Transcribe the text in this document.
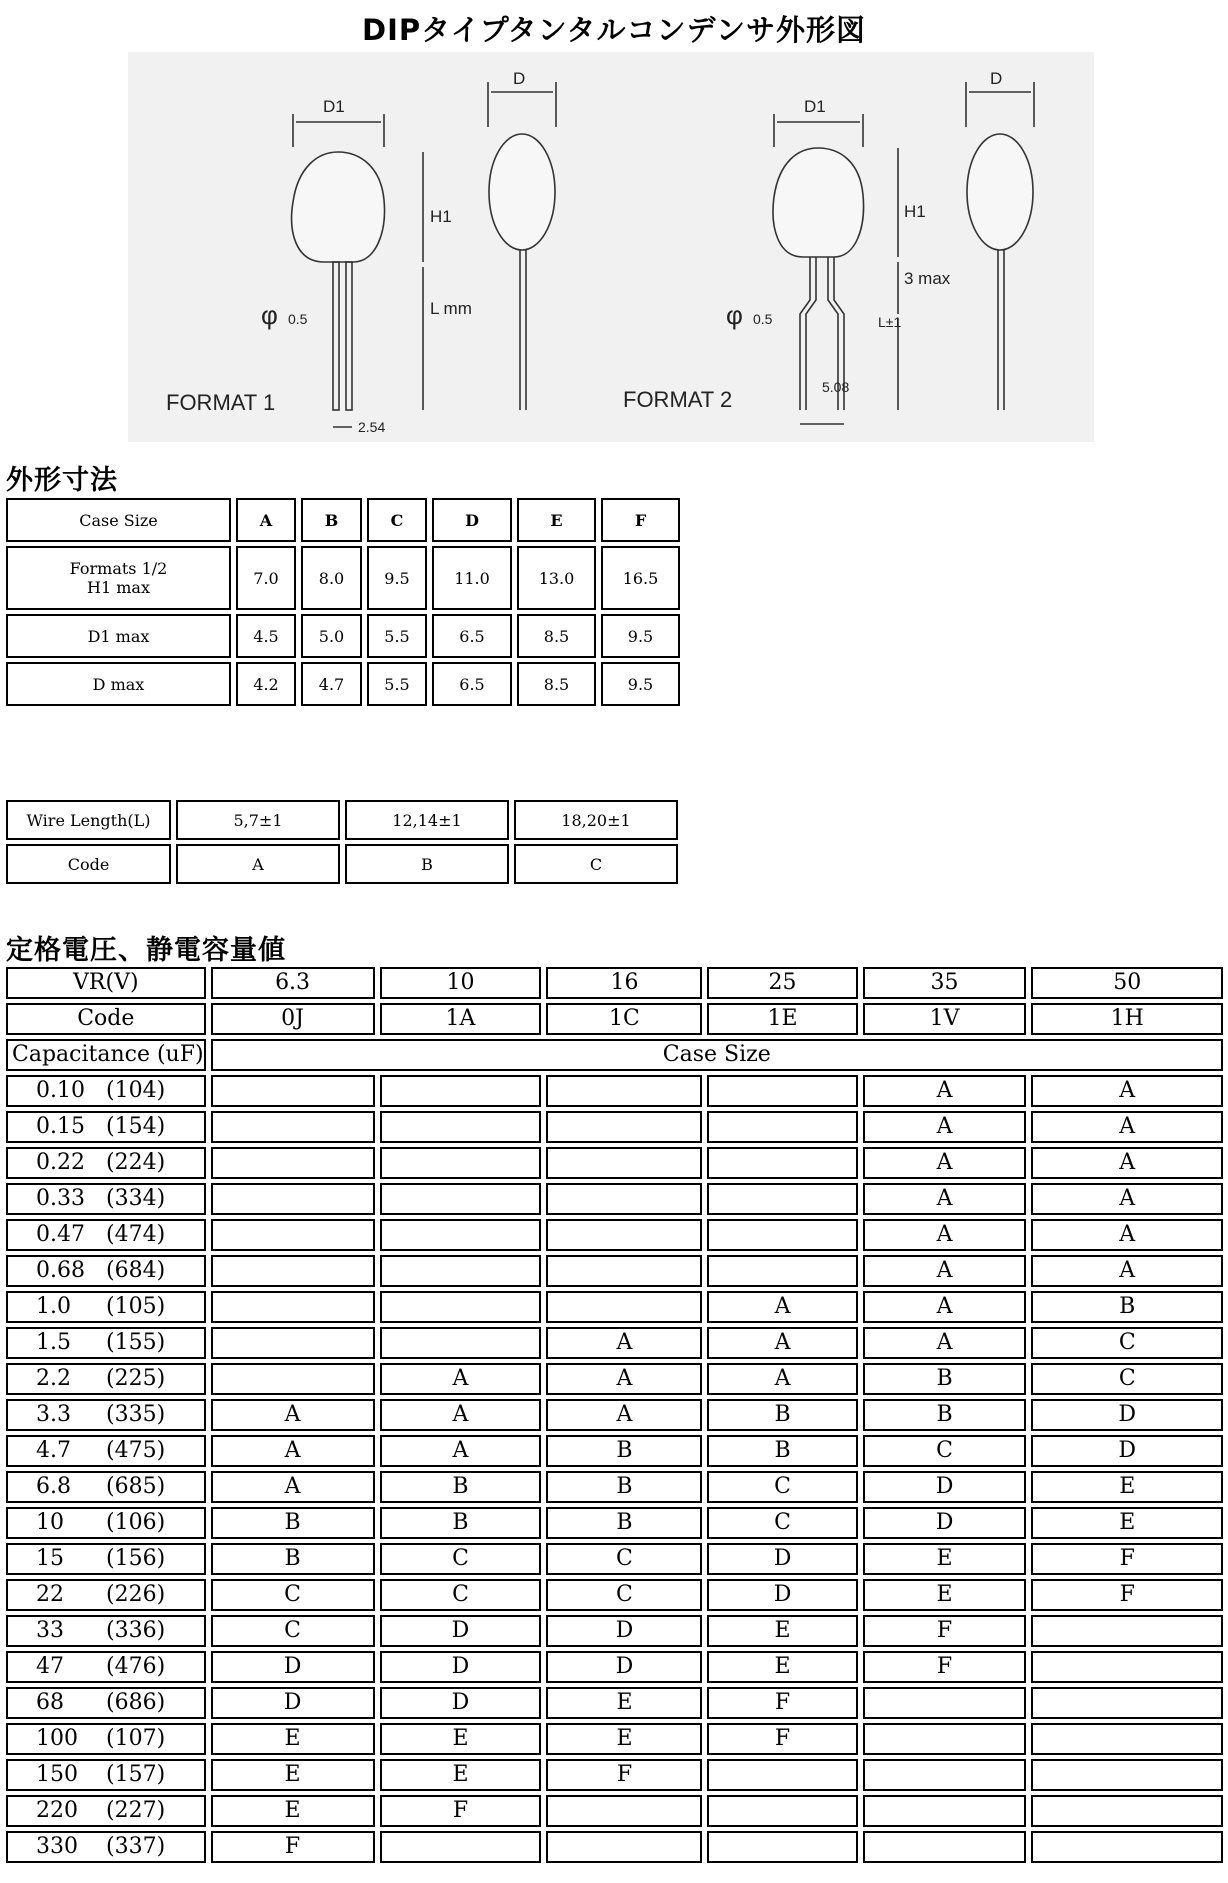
DIPタイプタンタルコンデンサ外形図
D1
D
H1
L mm
φ 0.5
2.54
FORMAT 1
D1
D
H1
3 max
L±1
φ 0.5
5.08
FORMAT 2
外形寸法
Case Size	A	B	C	D	E	F
Formats 1/2
H1 max	7.0	8.0	9.5	11.0	13.0	16.5
D1 max	4.5	5.0	5.5	6.5	8.5	9.5
D max	4.2	4.7	5.5	6.5	8.5	9.5
Wire Length(L)	5,7±1	12,14±1	18,20±1
Code	A	B	C
定格電圧、静電容量値
VR(V)	6.3	10	16	25	35	50
Code	0J	1A	1C	1E	1V	1H
Capacitance (uF)	Case Size					
0.10 (104)					A	A
0.15 (154)					A	A
0.22 (224)					A	A
0.33 (334)					A	A
0.47 (474)					A	A
0.68 (684)					A	A
1.0 (105)				A	A	B
1.5 (155)			A	A	A	C
2.2 (225)		A	A	A	B	C
3.3 (335)	A	A	A	B	B	D
4.7 (475)	A	A	B	B	C	D
6.8 (685)	A	B	B	C	D	E
10 (106)	B	B	B	C	D	E
15 (156)	B	C	C	D	E	F
22 (226)	C	C	C	D	E	F
33 (336)	C	D	D	E	F	
47 (476)	D	D	D	E	F	
68 (686)	D	D	E	F		
100 (107)	E	E	E	F		
150 (157)	E	E	F			
220 (227)	E	F				
330 (337)	F					
